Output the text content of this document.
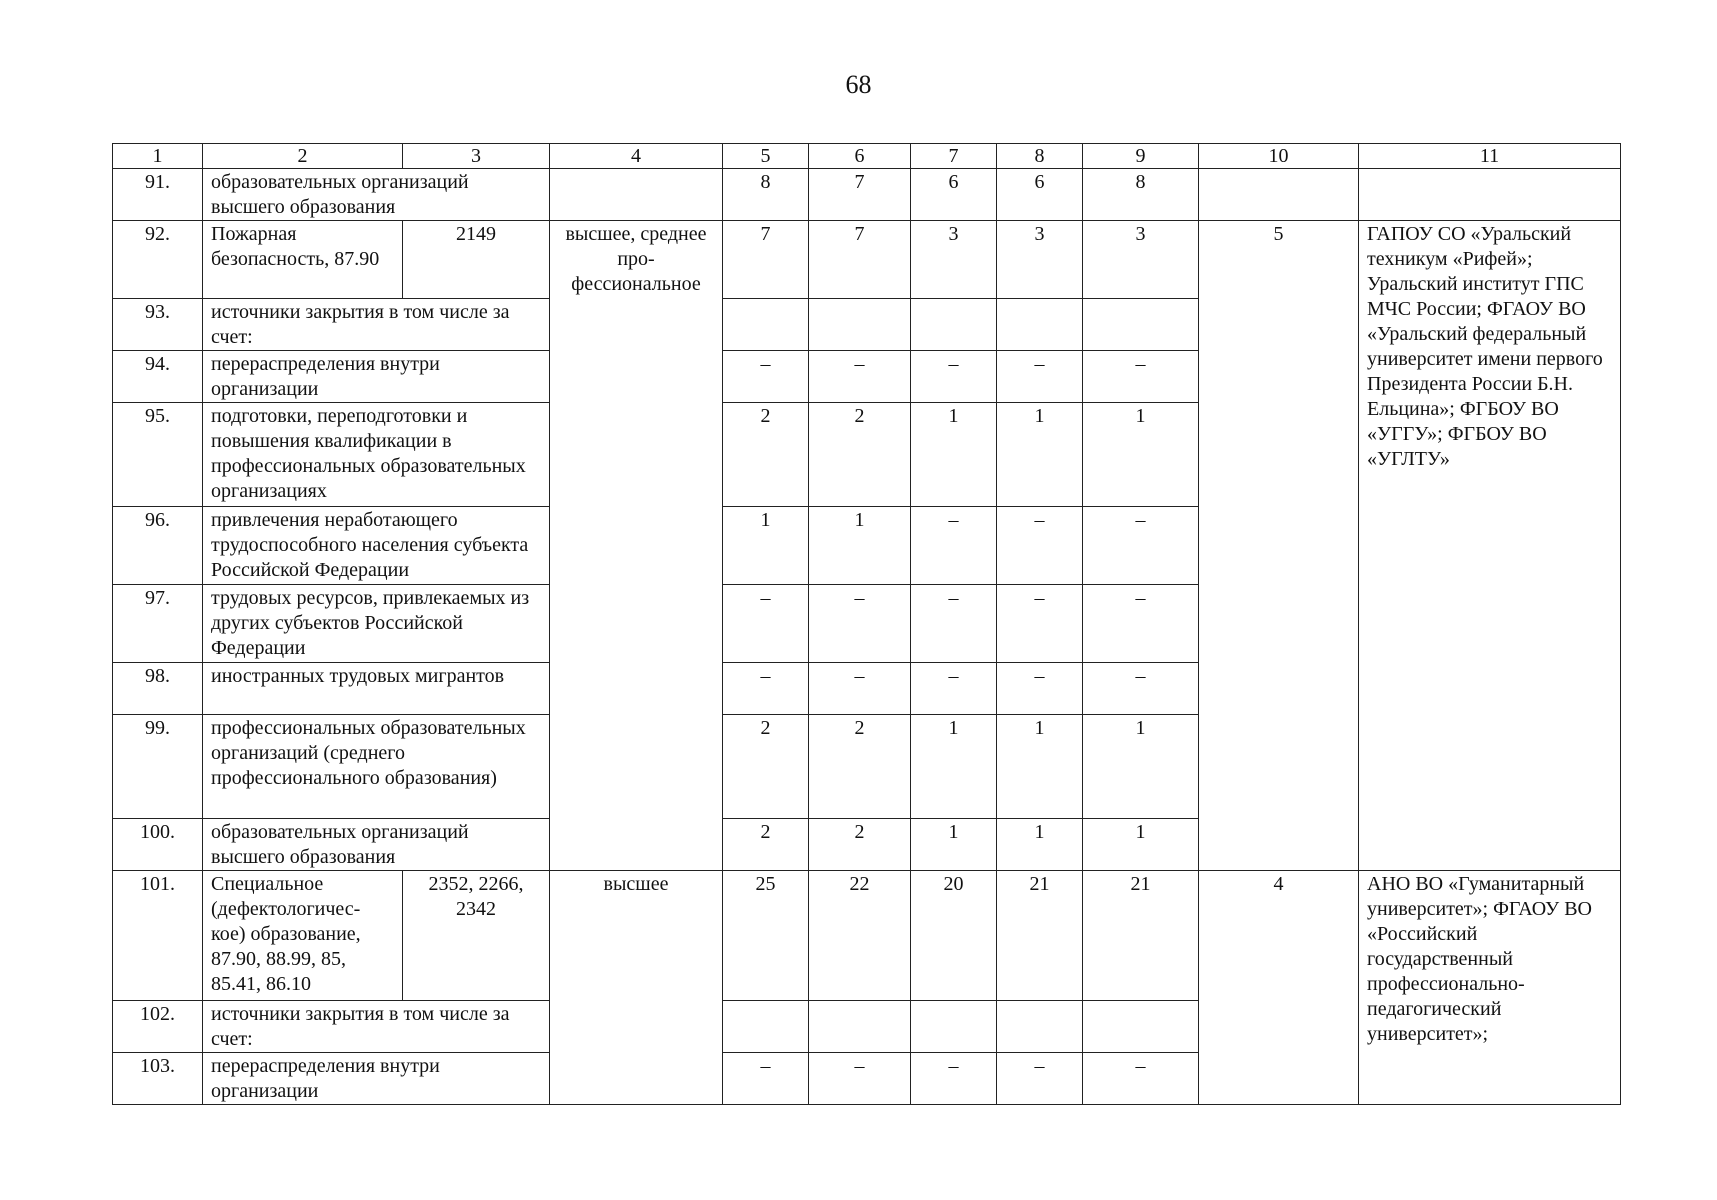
68
1	2	3	4	5	6	7	8	9	10	11
91.	образовательных организаций высшего образования			8	7	6	6	8		
92.	Пожарная безопасность, 87.90	2149	высшее, среднее про-фессиональное	7	7	3	3	3	5	ГАПОУ СО «Уральский техникум «Рифей»; Уральский институт ГПС МЧС России; ФГАОУ ВО «Уральский федеральный университет имени первого Президента России Б.Н. Ельцина»; ФГБОУ ВО «УГГУ»; ФГБОУ ВО «УГЛТУ»
93.	источники закрытия в том числе за счет:									
94.	перераспределения внутри организации			–	–	–	–	–		
95.	подготовки, переподготовки и повышения квалификации в профессиональных образовательных организациях			2	2	1	1	1		
96.	привлечения неработающего трудоспособного населения субъекта Российской Федерации			1	1	–	–	–		
97.	трудовых ресурсов, привлекаемых из других субъектов Российской Федерации			–	–	–	–	–		
98.	иностранных трудовых мигрантов			–	–	–	–	–		
99.	профессиональных образовательных организаций (среднего профессионального образования)			2	2	1	1	1		
100.	образовательных организаций высшего образования			2	2	1	1	1		
101.	Специальное (дефектологичес-кое) образование, 87.90, 88.99, 85, 85.41, 86.10	2352, 2266, 2342	высшее	25	22	20	21	21	4	АНО ВО «Гуманитарный университет»; ФГАОУ ВО «Российский государственный профессионально-педагогический университет»;
102.	источники закрытия в том числе за счет:									
103.	перераспределения внутри организации			–	–	–	–	–		
